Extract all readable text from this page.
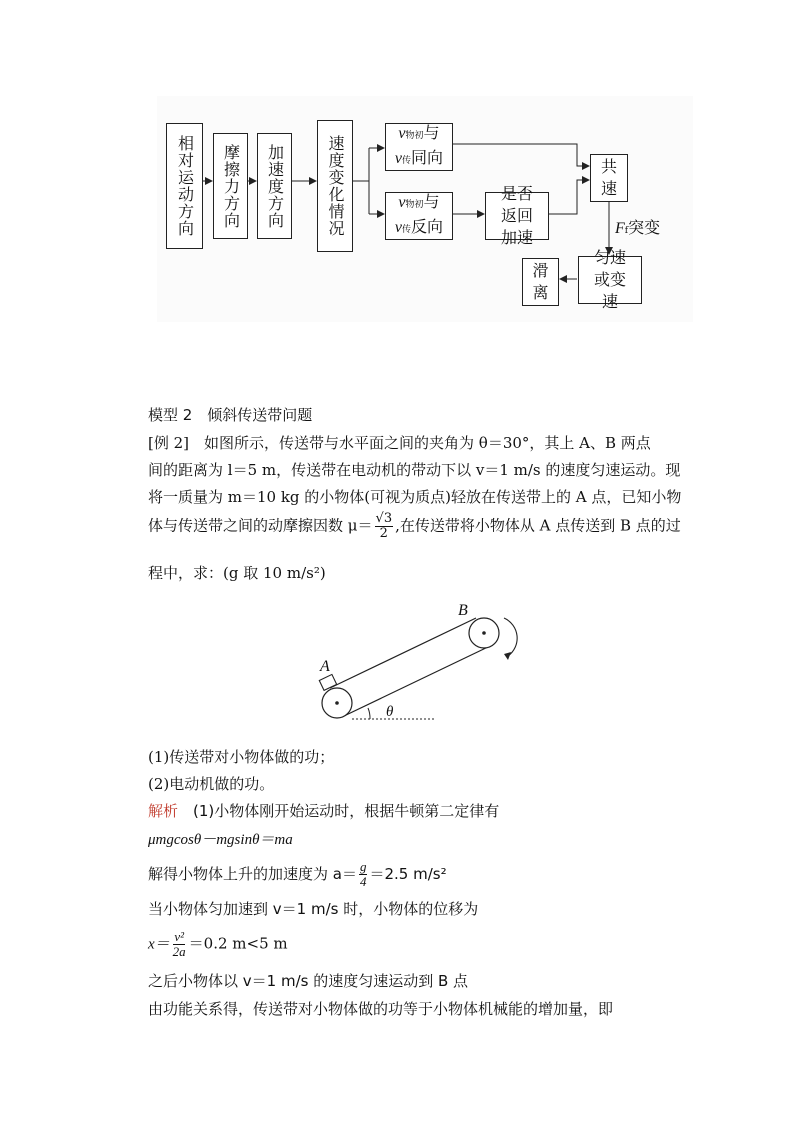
相对运动方向	摩擦力方向	加速度方向	速度变化情况
v物初与
v传同向
v物初与
v传反向
是否返回加速
共速
Ff突变
匀速或变速
滑离
模型 2　倾斜传送带问题
[例 2]　如图所示，传送带与水平面之间的夹角为 θ＝30°，其上 A、B 两点
间的距离为 l＝5 m，传送带在电动机的带动下以 v＝1 m/s 的速度匀速运动。现
将一质量为 m＝10 kg 的小物体(可视为质点)轻放在传送带上的 A 点，已知小物
体与传送带之间的动摩擦因数 $\mu= \frac{√3}{2}$ ,在传送带将小物体从 A 点传送到 B 点的过
程中，求：(g 取 10 m/s²)
A
B
θ
(1)传送带对小物体做的功；
(2)电动机做的功。
解析　(1)小物体刚开始运动时，根据牛顿第二定律有
μmgcosθ－mgsinθ＝ma
解得小物体上升的加速度为 $a= \frac{g}{4} =2.5$ m/s²
当小物体匀加速到 v＝1 m/s 时，小物体的位移为
$x= \frac{\text{v²}}{2a} =0.2$ m<5 m
之后小物体以 v＝1 m/s 的速度匀速运动到 B 点
由功能关系得，传送带对小物体做的功等于小物体机械能的增加量，即
